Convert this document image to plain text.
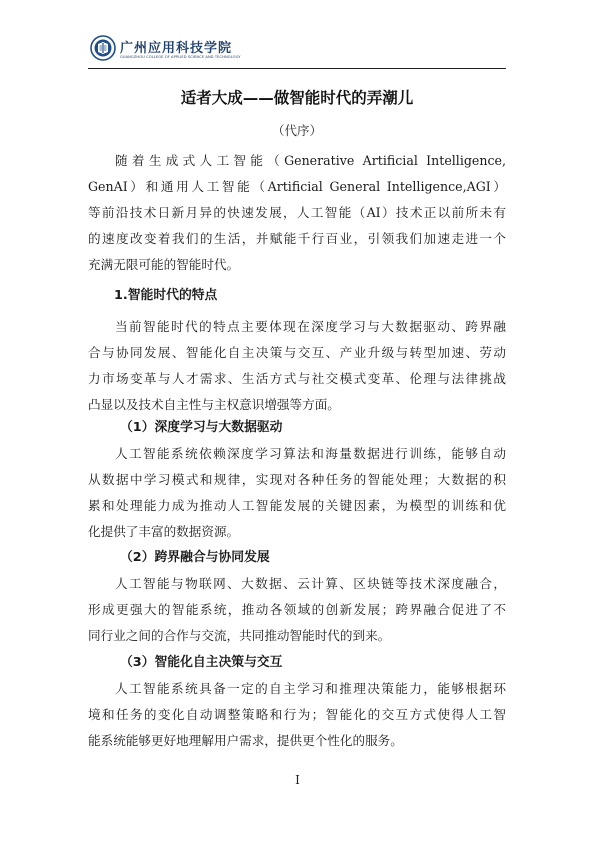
广州应用科技学院
GUANGZHOU COLLEGE OF APPLIED SCIENCE AND TECHNOLOGY
适者大成——做智能时代的弄潮儿
（代序）
随着生成式人工智能（Generative Artificial Intelligence,
GenAI）和通用人工智能（Artificial General Intelligence,AGI）
等前沿技术日新月异的快速发展，人工智能（AI）技术正以前所未有
的速度改变着我们的生活，并赋能千行百业，引领我们加速走进一个
充满无限可能的智能时代。
1.智能时代的特点
当前智能时代的特点主要体现在深度学习与大数据驱动、跨界融
合与协同发展、智能化自主决策与交互、产业升级与转型加速、劳动
力市场变革与人才需求、生活方式与社交模式变革、伦理与法律挑战
凸显以及技术自主性与主权意识增强等方面。
（1）深度学习与大数据驱动
人工智能系统依赖深度学习算法和海量数据进行训练，能够自动
从数据中学习模式和规律，实现对各种任务的智能处理；大数据的积
累和处理能力成为推动人工智能发展的关键因素，为模型的训练和优
化提供了丰富的数据资源。
（2）跨界融合与协同发展
人工智能与物联网、大数据、云计算、区块链等技术深度融合，
形成更强大的智能系统，推动各领域的创新发展；跨界融合促进了不
同行业之间的合作与交流，共同推动智能时代的到来。
（3）智能化自主决策与交互
人工智能系统具备一定的自主学习和推理决策能力，能够根据环
境和任务的变化自动调整策略和行为；智能化的交互方式使得人工智
能系统能够更好地理解用户需求，提供更个性化的服务。
I
